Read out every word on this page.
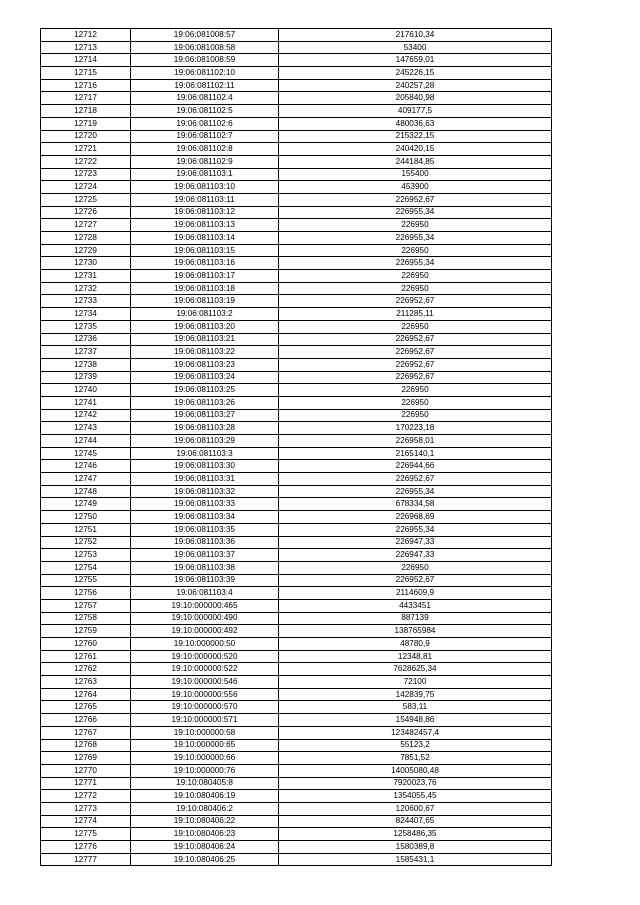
12712	19:06:081008:57	217610,34
12713	19:06:081008:58	53400
12714	19:06:081008:59	147659,01
12715	19:06:081102:10	245226,15
12716	19:06:081102:11	240257,28
12717	19:06:081102:4	205840,98
12718	19:06:081102:5	409177,5
12719	19:06:081102:6	480036,63
12720	19:06:081102:7	215322,15
12721	19:06:081102:8	240420,15
12722	19:06:081102:9	244184,85
12723	19:06:081103:1	155400
12724	19:06:081103:10	453900
12725	19:06:081103:11	226952,67
12726	19:06:081103:12	226955,34
12727	19:06:081103:13	226950
12728	19:06:081103:14	226955,34
12729	19:06:081103:15	226950
12730	19:06:081103:16	226955,34
12731	19:06:081103:17	226950
12732	19:06:081103:18	226950
12733	19:06:081103:19	226952,67
12734	19:06:081103:2	211285,11
12735	19:06:081103:20	226950
12736	19:06:081103:21	226952,67
12737	19:06:081103:22	226952,67
12738	19:06:081103:23	226952,67
12739	19:06:081103:24	226952,67
12740	19:06:081103:25	226950
12741	19:06:081103:26	226950
12742	19:06:081103:27	226950
12743	19:06:081103:28	170223,18
12744	19:06:081103:29	226958,01
12745	19:06:081103:3	2165140,1
12746	19:06:081103:30	226944,66
12747	19:06:081103:31	226952,67
12748	19:06:081103:32	226955,34
12749	19:06:081103:33	678334,58
12750	19:06:081103:34	226968,69
12751	19:06:081103:35	226955,34
12752	19:06:081103:36	226947,33
12753	19:06:081103:37	226947,33
12754	19:06:081103:38	226950
12755	19:06:081103:39	226952,67
12756	19:06:081103:4	2114609,9
12757	19:10:000000:465	4433451
12758	19:10:000000:490	887139
12759	19:10:000000:492	138765984
12760	19:10:000000:50	48780,9
12761	19:10:000000:520	12348,81
12762	19:10:000000:522	7628625,34
12763	19:10:000000:546	72100
12764	19:10:000000:556	142839,75
12765	19:10:000000:570	583,11
12766	19:10:000000:571	154948,86
12767	19:10:000000:58	123482457,4
12768	19:10:000000:65	55123,2
12769	19:10:000000:66	7851,52
12770	19:10:000000:76	14005080,48
12771	19:10:080405:8	7920023,76
12772	19:10:080406:19	1354055,45
12773	19:10:080406:2	120600,67
12774	19:10:080406:22	824407,65
12775	19:10:080406:23	1258486,35
12776	19:10:080406:24	1580389,8
12777	19:10:080406:25	1585431,1
